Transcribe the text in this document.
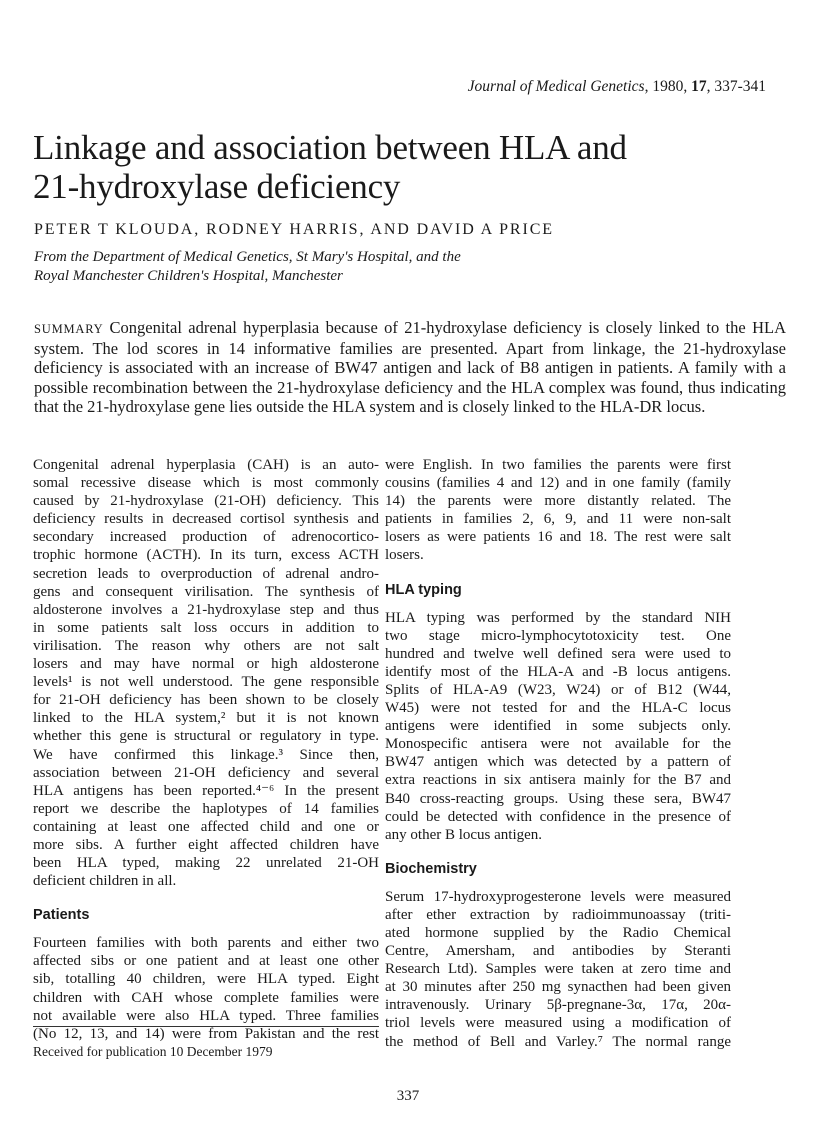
Journal of Medical Genetics, 1980, 17, 337-341
Linkage and association between HLA and
21-hydroxylase deficiency
PETER T KLOUDA, RODNEY HARRIS, AND DAVID A PRICE
From the Department of Medical Genetics, St Mary's Hospital, and the
Royal Manchester Children's Hospital, Manchester
SUMMARY Congenital adrenal hyperplasia because of 21-hydroxylase deficiency is closely linked to the HLA system. The lod scores in 14 informative families are presented. Apart from linkage, the 21-hydroxylase deficiency is associated with an increase of BW47 antigen and lack of B8 antigen in patients. A family with a possible recombination between the 21-hydroxylase deficiency and the HLA complex was found, thus indicating that the 21-hydroxylase gene lies outside the HLA system and is closely linked to the HLA-DR locus.
Congenital adrenal hyperplasia (CAH) is an auto-
somal recessive disease which is most commonly
caused by 21-hydroxylase (21-OH) deficiency. This
deficiency results in decreased cortisol synthesis and
secondary increased production of adrenocortico-
trophic hormone (ACTH). In its turn, excess ACTH
secretion leads to overproduction of adrenal andro-
gens and consequent virilisation. The synthesis of
aldosterone involves a 21-hydroxylase step and thus
in some patients salt loss occurs in addition to
virilisation. The reason why others are not salt
losers and may have normal or high aldosterone
levels¹ is not well understood. The gene responsible
for 21-OH deficiency has been shown to be closely
linked to the HLA system,² but it is not known
whether this gene is structural or regulatory in type.
We have confirmed this linkage.³ Since then,
association between 21-OH deficiency and several
HLA antigens has been reported.⁴⁻⁶ In the present
report we describe the haplotypes of 14 families
containing at least one affected child and one or
more sibs. A further eight affected children have
been HLA typed, making 22 unrelated 21-OH
deficient children in all.
Patients
Fourteen families with both parents and either two
affected sibs or one patient and at least one other
sib, totalling 40 children, were HLA typed. Eight
children with CAH whose complete families were
not available were also HLA typed. Three families
(No 12, 13, and 14) were from Pakistan and the rest
Received for publication 10 December 1979
were English. In two families the parents were first
cousins (families 4 and 12) and in one family (family
14) the parents were more distantly related. The
patients in families 2, 6, 9, and 11 were non-salt
losers as were patients 16 and 18. The rest were salt
losers.
HLA typing
HLA typing was performed by the standard NIH
two stage micro-lymphocytotoxicity test. One
hundred and twelve well defined sera were used to
identify most of the HLA-A and -B locus antigens.
Splits of HLA-A9 (W23, W24) or of B12 (W44,
W45) were not tested for and the HLA-C locus
antigens were identified in some subjects only.
Monospecific antisera were not available for the
BW47 antigen which was detected by a pattern of
extra reactions in six antisera mainly for the B7 and
B40 cross-reacting groups. Using these sera, BW47
could be detected with confidence in the presence of
any other B locus antigen.
Biochemistry
Serum 17-hydroxyprogesterone levels were measured
after ether extraction by radioimmunoassay (triti-
ated hormone supplied by the Radio Chemical
Centre, Amersham, and antibodies by Steranti
Research Ltd). Samples were taken at zero time and
at 30 minutes after 250 mg synacthen had been given
intravenously. Urinary 5β-pregnane-3α, 17α, 20α-
triol levels were measured using a modification of
the method of Bell and Varley.⁷ The normal range
337
